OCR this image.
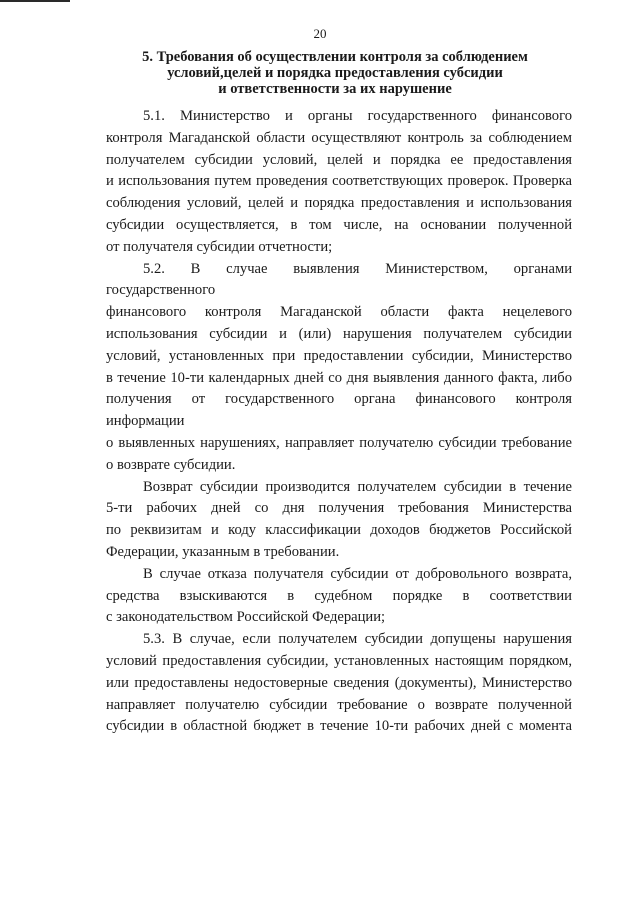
20
5. Требования об осуществлении контроля за соблюдением
условий,целей и порядка предоставления субсидии
и ответственности за их нарушение

5.1. Министерство и органы государственного финансового

контроля Магаданской области осуществляют контроль за соблюдением

получателем субсидии условий, целей и порядка ее предоставления

и использования путем проведения соответствующих проверок. Проверка

соблюдения условий, целей и порядка предоставления и использования

субсидии осуществляется, в том числе, на основании полученной

от получателя субсидии отчетности;

5.2. В случае выявления Министерством, органами государственного

финансового контроля Магаданской области факта нецелевого

использования субсидии и (или) нарушения получателем субсидии

условий, установленных при предоставлении субсидии, Министерство

в течение 10-ти календарных дней со дня выявления данного факта, либо

получения от государственного органа финансового контроля информации

о выявленных нарушениях, направляет получателю субсидии требование

о возврате субсидии.

Возврат субсидии производится получателем субсидии в течение

5-ти рабочих дней со дня получения требования Министерства

по реквизитам и коду классификации доходов бюджетов Российской

Федерации, указанным в требовании.

В случае отказа получателя субсидии от добровольного возврата,

средства взыскиваются в судебном порядке в соответствии

с законодательством Российской Федерации;

5.3. В случае, если получателем субсидии допущены нарушения

условий предоставления субсидии, установленных настоящим порядком,

или предоставлены недостоверные сведения (документы), Министерство

направляет получателю субсидии требование о возврате полученной

субсидии в областной бюджет в течение 10-ти рабочих дней с момента
